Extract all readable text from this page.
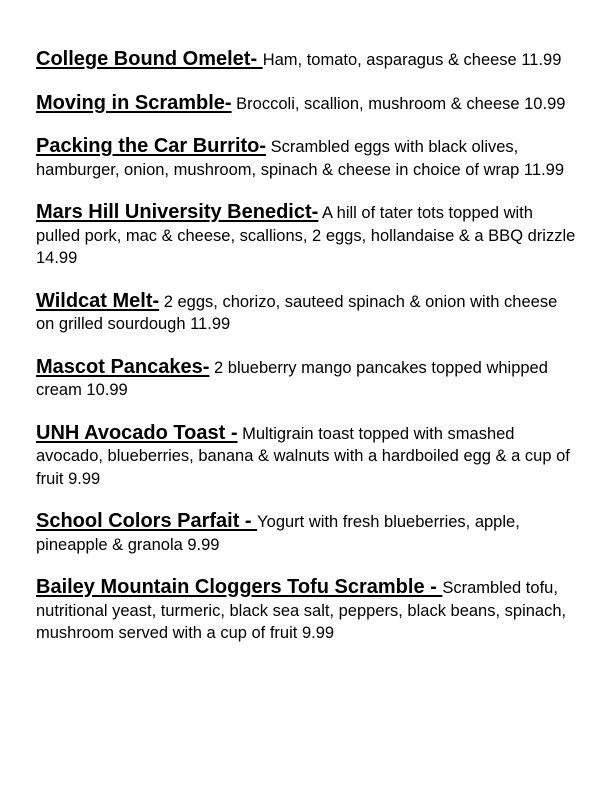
College Bound Omelet- Ham, tomato, asparagus & cheese 11.99
Moving in Scramble- Broccoli, scallion, mushroom & cheese 10.99
Packing the Car Burrito- Scrambled eggs with black olives, hamburger, onion, mushroom, spinach & cheese in choice of wrap 11.99
Mars Hill University Benedict- A hill of tater tots topped with pulled pork, mac & cheese, scallions, 2 eggs, hollandaise & a BBQ drizzle 14.99
Wildcat Melt- 2 eggs, chorizo, sauteed spinach & onion with cheese on grilled sourdough 11.99
Mascot Pancakes- 2 blueberry mango pancakes topped whipped cream 10.99
UNH Avocado Toast - Multigrain toast topped with smashed avocado, blueberries, banana & walnuts with a hardboiled egg & a cup of fruit 9.99
School Colors Parfait - Yogurt with fresh blueberries, apple, pineapple & granola 9.99
Bailey Mountain Cloggers Tofu Scramble - Scrambled tofu, nutritional yeast, turmeric, black sea salt, peppers, black beans, spinach, mushroom served with a cup of fruit 9.99
